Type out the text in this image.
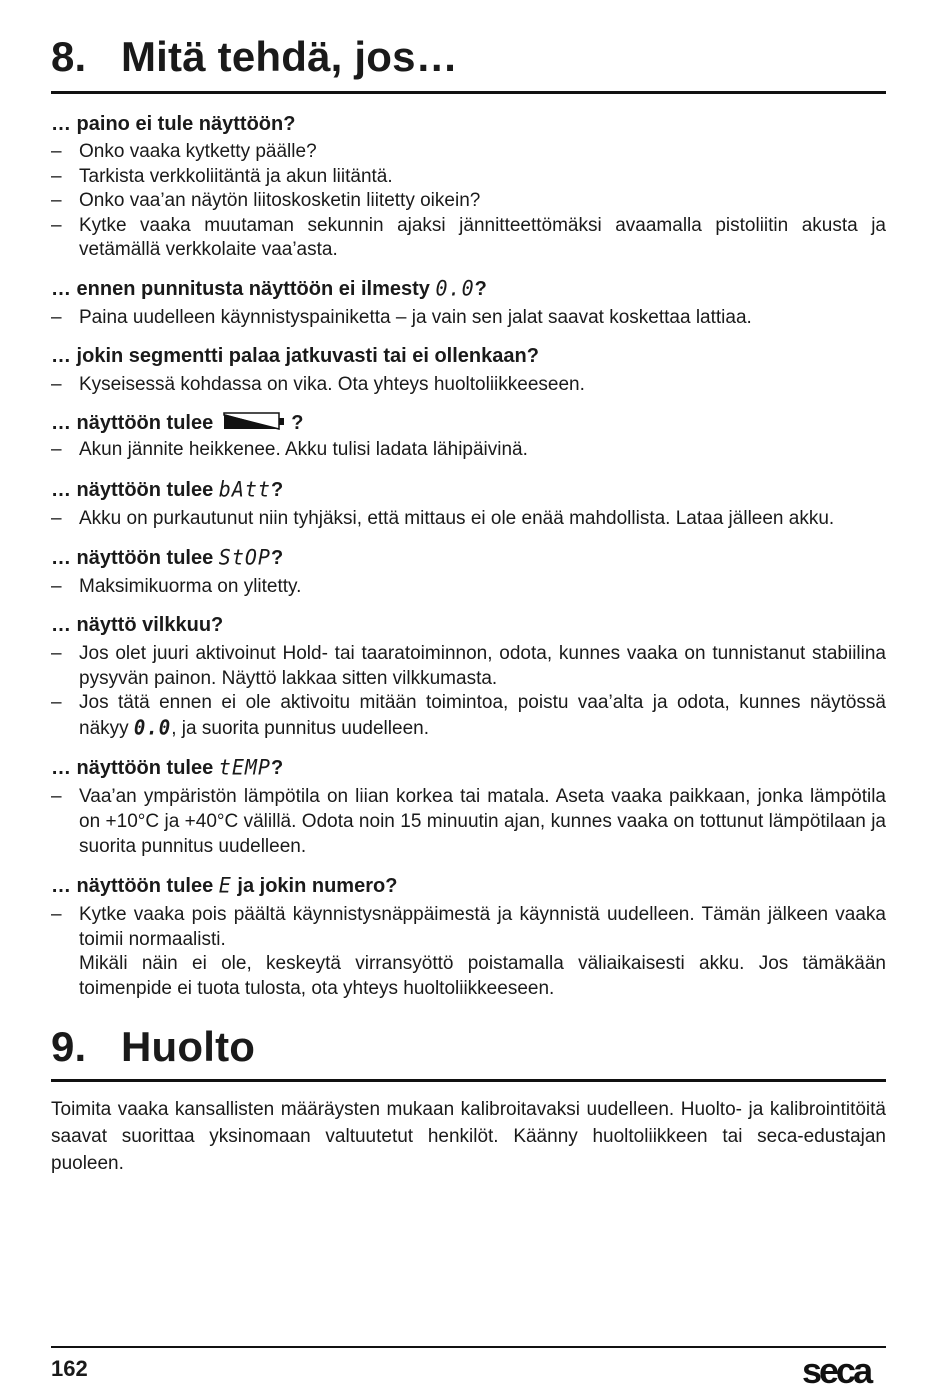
8. Mitä tehdä, jos…

… paino ei tule näyttöön?

– Onko vaaka kytketty päälle?
– Tarkista verkkoliitäntä ja akun liitäntä.
– Onko vaa’an näytön liitoskosketin liitetty oikein?
– Kytke vaaka muutaman sekunnin ajaksi jännitteettömäksi avaamalla pistoliitin akusta ja vetämällä verkkolaite vaa’asta.

… ennen punnitusta näyttöön ei ilmesty 0.0?

– Paina uudelleen käynnistyspainiketta – ja vain sen jalat saavat koskettaa lattiaa.

… jokin segmentti palaa jatkuvasti tai ei ollenkaan?

– Kyseisessä kohdassa on vika. Ota yhteys huoltoliikkeeseen.

… näyttöön tulee	?

– Akun jännite heikkenee. Akku tulisi ladata lähipäivinä.

… näyttöön tulee bAtt?

– Akku on purkautunut niin tyhjäksi, että mittaus ei ole enää mahdollista. Lataa jälleen akku.

… näyttöön tulee StOP?

– Maksimikuorma on ylitetty.

… näyttö vilkkuu?

– Jos olet juuri aktivoinut Hold- tai taaratoiminnon, odota, kunnes vaaka on tunnistanut stabiilina pysyvän painon. Näyttö lakkaa sitten vilkkumasta.
– Jos tätä ennen ei ole aktivoitu mitään toimintoa, poistu vaa’alta ja odota, kunnes näytössä näkyy 0.0, ja suorita punnitus uudelleen.

… näyttöön tulee tEMP?

– Vaa’an ympäristön lämpötila on liian korkea tai matala. Aseta vaaka paikkaan, jonka lämpötila on +10°C ja +40°C välillä. Odota noin 15 minuutin ajan, kunnes vaaka on tottunut lämpötilaan ja suorita punnitus uudelleen.

… näyttöön tulee E ja jokin numero?

– Kytke vaaka pois päältä käynnistysnäppäimestä ja käynnistä uudelleen. Tämän jälkeen vaaka toimii normaalisti.
Mikäli näin ei ole, keskeytä virransyöttö poistamalla väliaikaisesti akku. Jos tämäkään toimenpide ei tuota tulosta, ota yhteys huoltoliikkeeseen.
9. Huolto

Toimita vaaka kansallisten määräysten mukaan kalibroitavaksi uudelleen. Huolto- ja kalibrointitöitä saavat suorittaa yksinomaan valtuutetut henkilöt. Käänny huoltoliikkeen tai seca-edustajan puoleen.

162	seca
